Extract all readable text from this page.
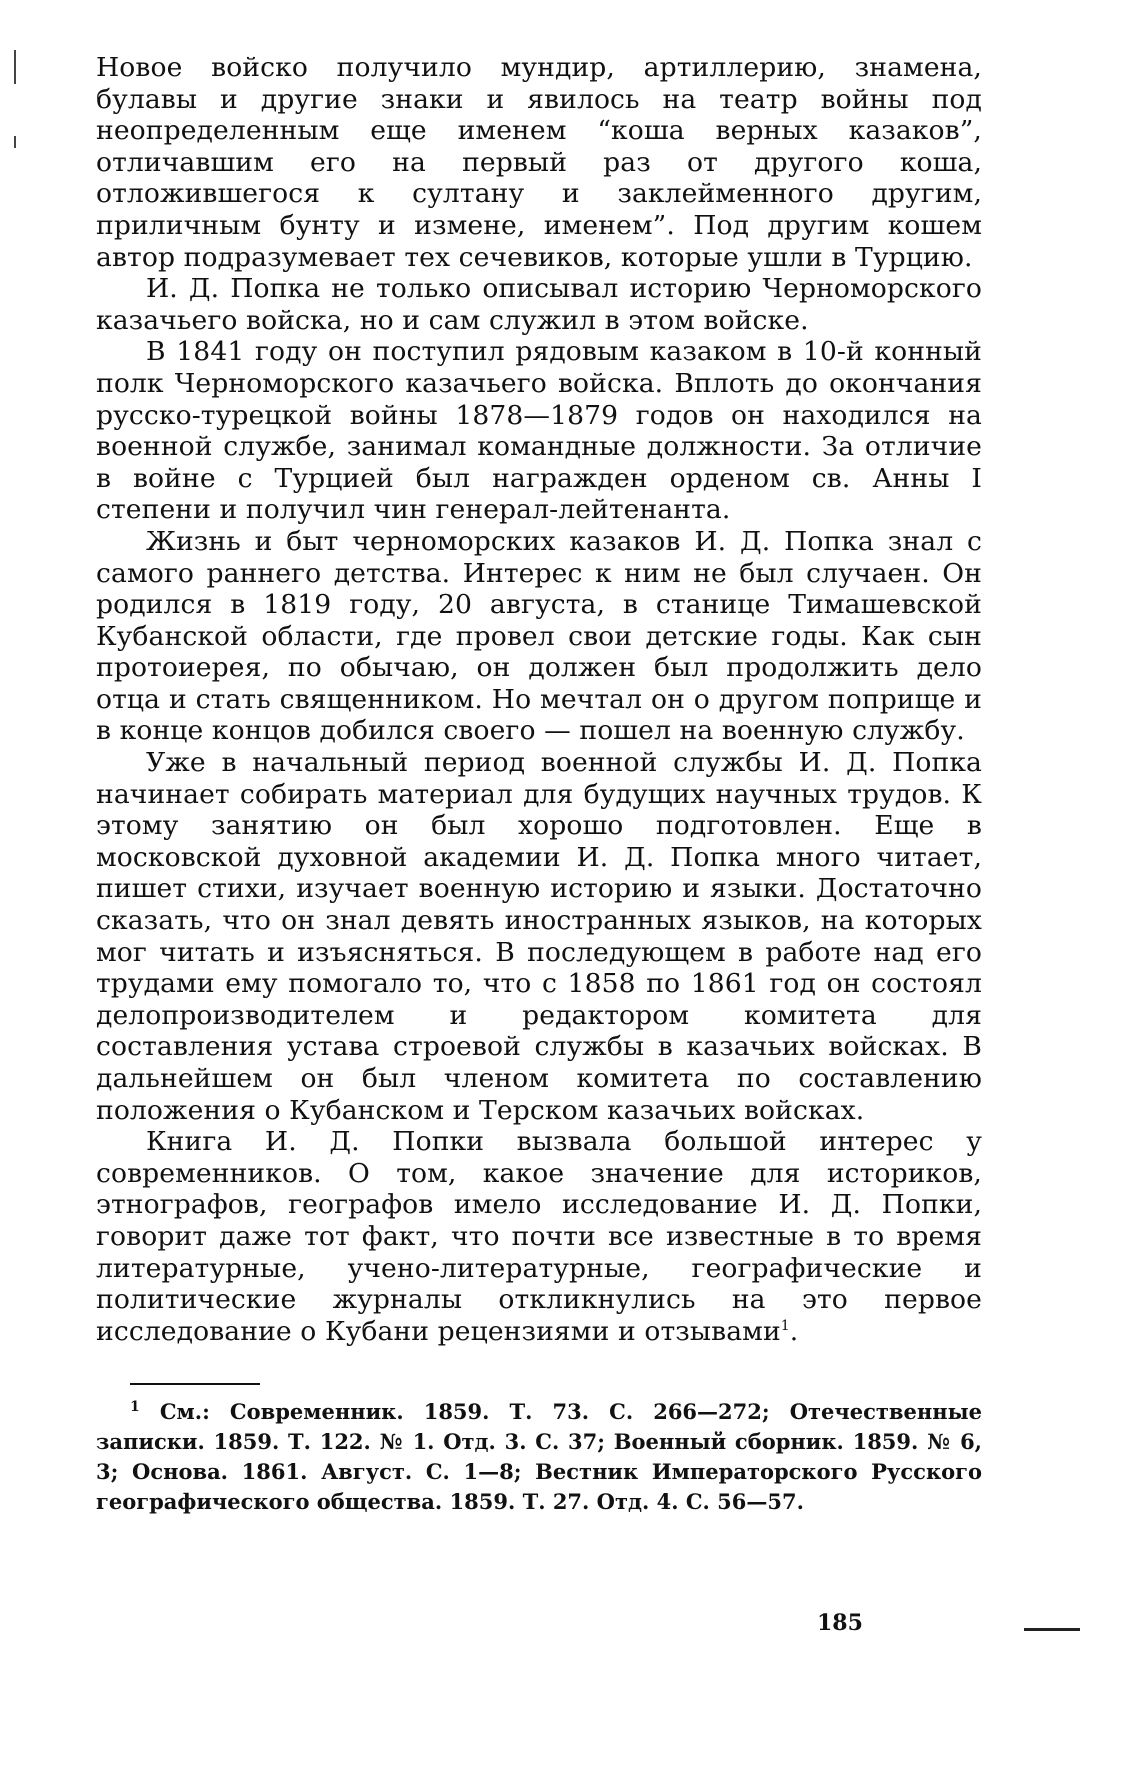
Новое войско получило мундир, артиллерию, знамена, булавы и другие знаки и явилось на театр войны под неопределенным еще именем “коша верных казаков”, отличавшим его на первый раз от другого коша, отложившегося к султану и заклейменного другим, приличным бунту и измене, именем”. Под другим кошем автор подразумевает тех сечевиков, которые ушли в Турцию.

И. Д. Попка не только описывал историю Черноморского казачьего войска, но и сам служил в этом войске.

В 1841 году он поступил рядовым казаком в 10-й конный полк Черноморского казачьего войска. Вплоть до окончания русско-турецкой войны 1878—1879 годов он находился на военной службе, занимал командные должности. За отличие в войне с Турцией был награжден орденом св. Анны I степени и получил чин генерал-лейтенанта.

Жизнь и быт черноморских казаков И. Д. Попка знал с самого раннего детства. Интерес к ним не был случаен. Он родился в 1819 году, 20 августа, в станице Тимашевской Кубанской области, где провел свои детские годы. Как сын протоиерея, по обычаю, он должен был продолжить дело отца и стать священником. Но мечтал он о другом поприще и в конце концов добился своего — пошел на военную службу.

Уже в начальный период военной службы И. Д. Попка начинает собирать материал для будущих научных трудов. К этому занятию он был хорошо подготовлен. Еще в московской духовной академии И. Д. Попка много читает, пишет стихи, изучает военную историю и языки. Достаточно сказать, что он знал девять иностранных языков, на которых мог читать и изъясняться. В последующем в работе над его трудами ему помогало то, что с 1858 по 1861 год он состоял делопроизводителем и редактором комитета для составления устава строевой службы в казачьих войсках. В дальнейшем он был членом комитета по составлению положения о Кубанском и Терском казачьих войсках.

Книга И. Д. Попки вызвала большой интерес у современников. О том, какое значение для историков, этнографов, географов имело исследование И. Д. Попки, говорит даже тот факт, что почти все известные в то время литературные, учено-литературные, географические и политические журналы откликнулись на это первое исследование о Кубани рецензиями и отзывами$^1$.

$^1$ См.: Современник. 1859. Т. 73. С. 266—272; Отечественные записки. 1859. Т. 122. № 1. Отд. 3. С. 37; Военный сборник. 1859. № 6, 3; Основа. 1861. Август. С. 1—8; Вестник Императорского Русского географического общества. 1859. Т. 27. Отд. 4. С. 56—57.

185
